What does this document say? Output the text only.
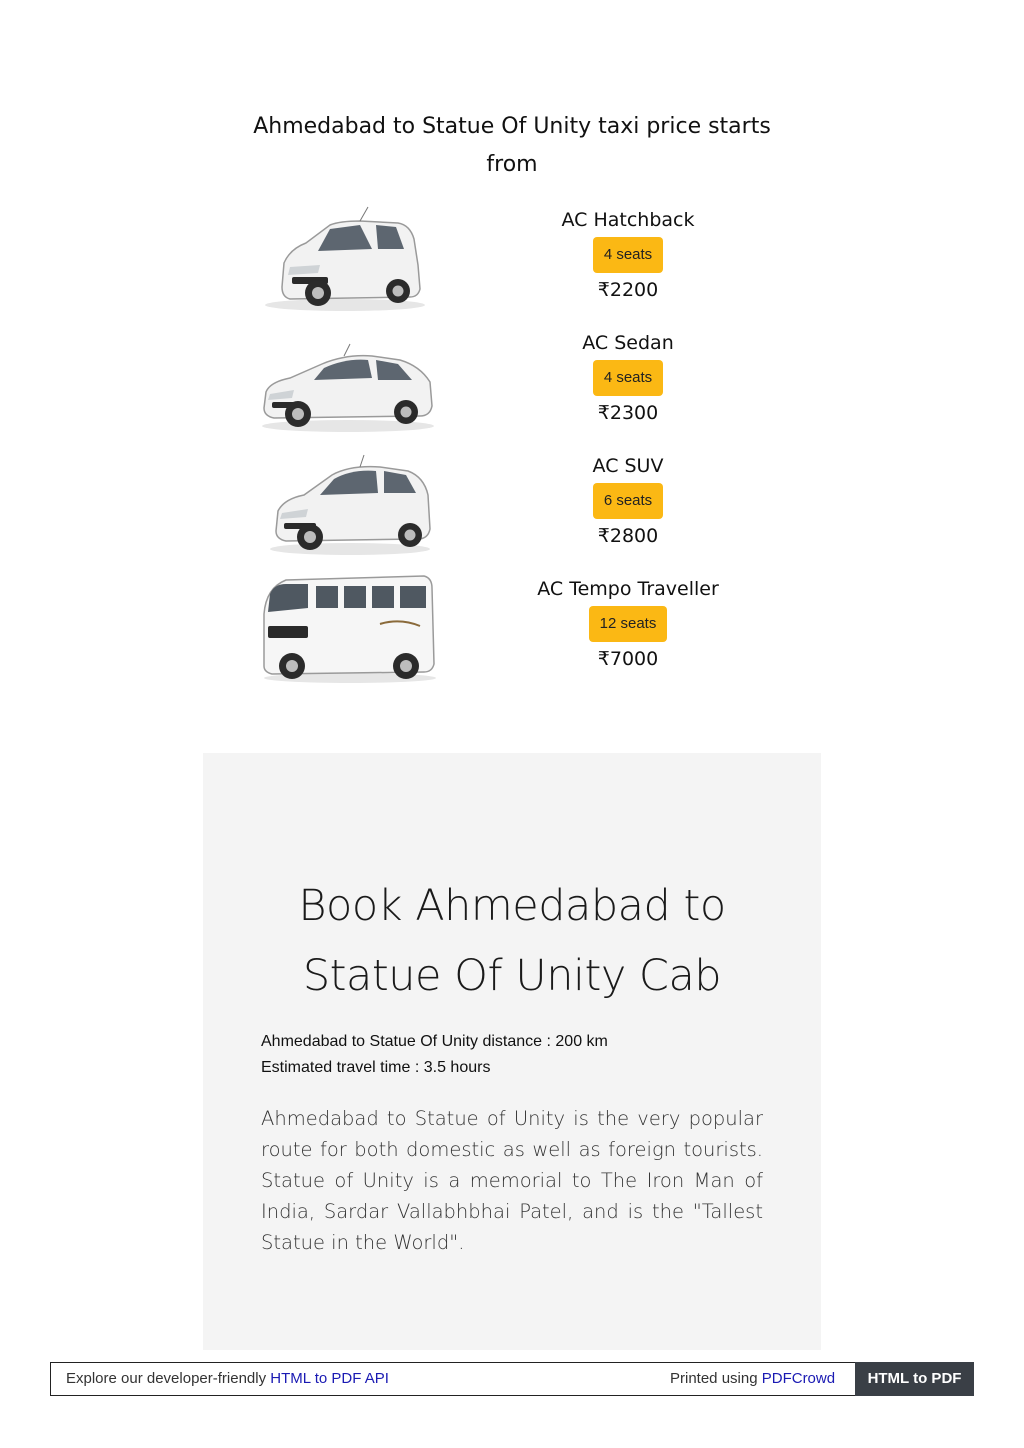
Ahmedabad to Statue Of Unity taxi price starts from
AC Hatchback
4 seats
₹2200
AC Sedan
4 seats
₹2300
AC SUV
6 seats
₹2800
AC Tempo Traveller
12 seats
₹7000
Book Ahmedabad to
Statue Of Unity Cab
Ahmedabad to Statue Of Unity distance : 200 km
Estimated travel time : 3.5 hours

Ahmedabad to Statue of Unity is the very popular route for both domestic as well as foreign tourists. Statue of Unity is a memorial to The Iron Man of India, Sardar Vallabhbhai Patel, and is the "Tallest Statue in the World".

Explore our developer-friendly HTML to PDF API	Printed using PDFCrowd	HTML to PDF
